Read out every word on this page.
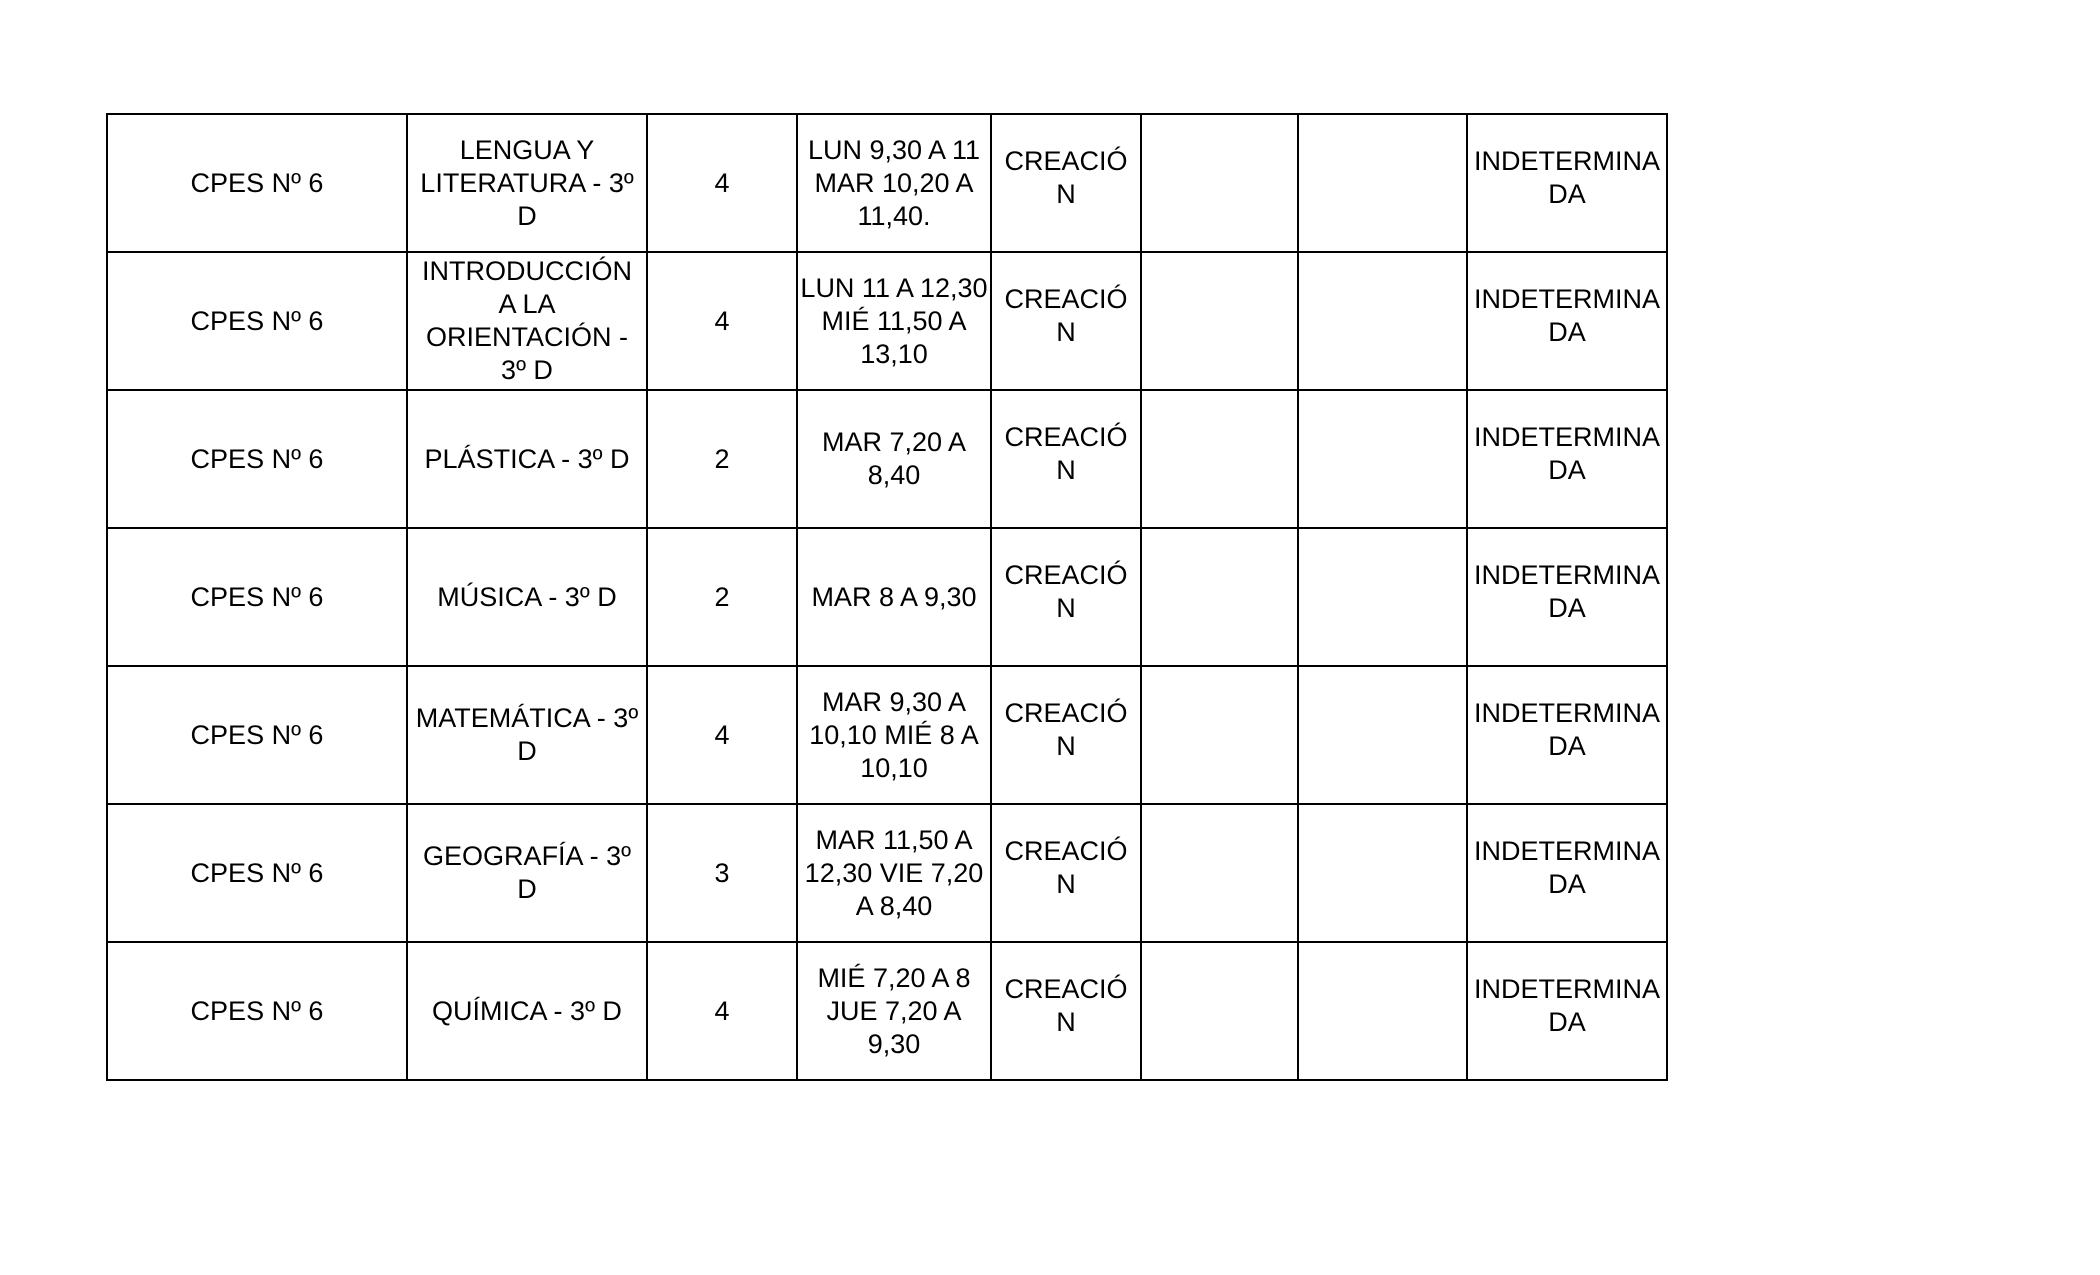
CPES Nº 6	LENGUA Y LITERATURA - 3º D	4	LUN 9,30 A 11 MAR 10,20 A 11,40.	CREACIÓN			INDETERMINADA
CPES Nº 6	INTRODUCCIÓN A LA ORIENTACIÓN - 3º D	4	LUN 11 A 12,30 MIÉ 11,50 A 13,10	CREACIÓN			INDETERMINADA
CPES Nº 6	PLÁSTICA - 3º D	2	MAR 7,20 A 8,40	CREACIÓN			INDETERMINADA
CPES Nº 6	MÚSICA - 3º D	2	MAR 8 A 9,30	CREACIÓN			INDETERMINADA
CPES Nº 6	MATEMÁTICA - 3º D	4	MAR 9,30 A 10,10 MIÉ 8 A 10,10	CREACIÓN			INDETERMINADA
CPES Nº 6	GEOGRAFÍA - 3º D	3	MAR 11,50 A 12,30 VIE 7,20 A 8,40	CREACIÓN			INDETERMINADA
CPES Nº 6	QUÍMICA - 3º D	4	MIÉ 7,20 A 8 JUE 7,20 A 9,30	CREACIÓN			INDETERMINADA
